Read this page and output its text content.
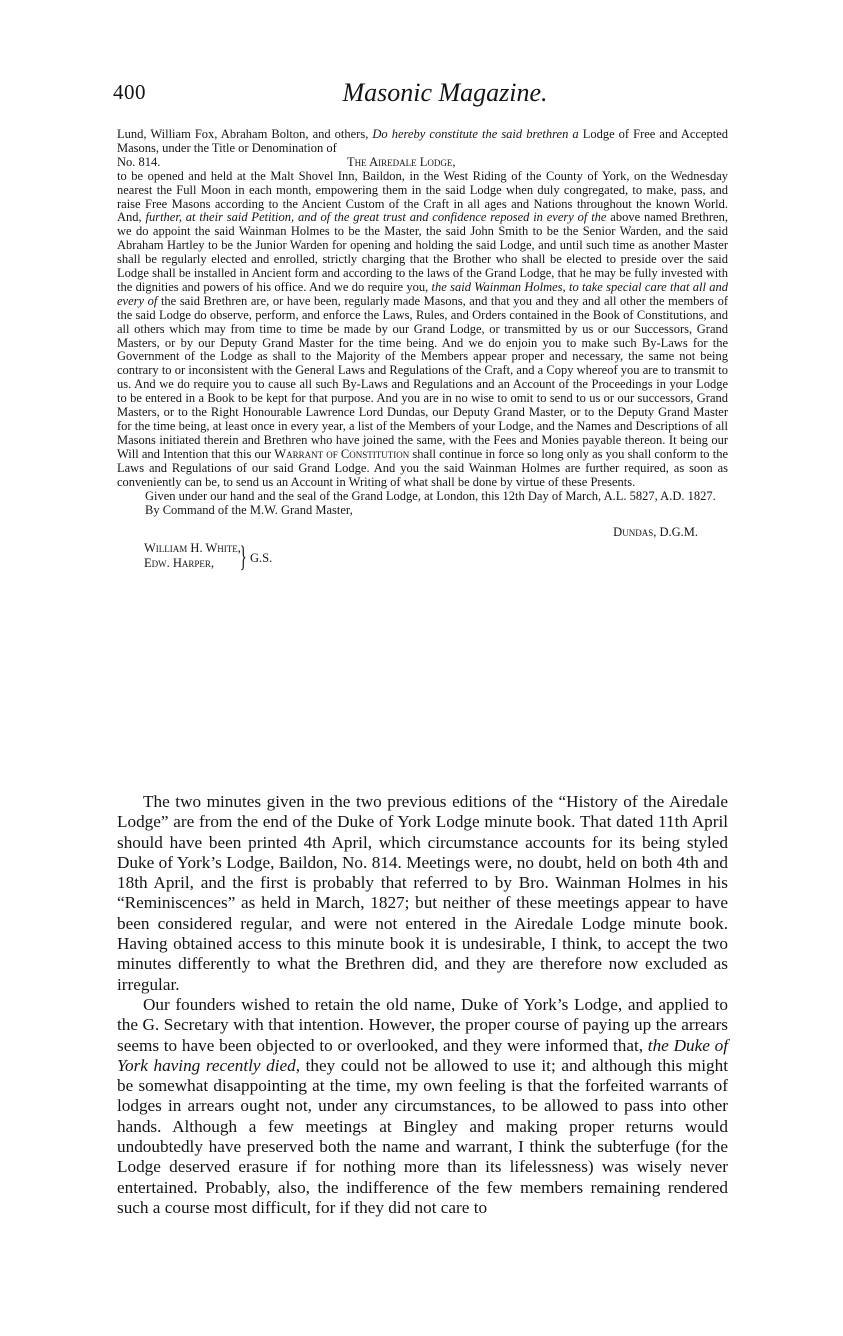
400	Masonic Magazine.

Lund, William Fox, Abraham Bolton, and others, Do hereby constitute the said brethren a Lodge of Free and Accepted Masons, under the Title or Denomination of

No. 814.	The Airedale Lodge,

to be opened and held at the Malt Shovel Inn, Baildon, in the West Riding of the County of York, on the Wednesday nearest the Full Moon in each month, empowering them in the said Lodge when duly congregated, to make, pass, and raise Free Masons according to the Ancient Custom of the Craft in all ages and Nations throughout the known World. And, further, at their said Petition, and of the great trust and confidence reposed in every of the above named Brethren, we do appoint the said Wainman Holmes to be the Master, the said John Smith to be the Senior Warden, and the said Abraham Hartley to be the Junior Warden for opening and holding the said Lodge, and until such time as another Master shall be regularly elected and enrolled, strictly charging that the Brother who shall be elected to preside over the said Lodge shall be installed in Ancient form and according to the laws of the Grand Lodge, that he may be fully invested with the dignities and powers of his office. And we do require you, the said Wainman Holmes, to take special care that all and every of the said Brethren are, or have been, regularly made Masons, and that you and they and all other the members of the said Lodge do observe, perform, and enforce the Laws, Rules, and Orders contained in the Book of Constitutions, and all others which may from time to time be made by our Grand Lodge, or transmitted by us or our Successors, Grand Masters, or by our Deputy Grand Master for the time being. And we do enjoin you to make such By-Laws for the Government of the Lodge as shall to the Majority of the Members appear proper and necessary, the same not being contrary to or inconsistent with the General Laws and Regulations of the Craft, and a Copy whereof you are to transmit to us. And we do require you to cause all such By-Laws and Regulations and an Account of the Proceedings in your Lodge to be entered in a Book to be kept for that purpose. And you are in no wise to omit to send to us or our successors, Grand Masters, or to the Right Honourable Lawrence Lord Dundas, our Deputy Grand Master, or to the Deputy Grand Master for the time being, at least once in every year, a list of the Members of your Lodge, and the Names and Descriptions of all Masons initiated therein and Brethren who have joined the same, with the Fees and Monies payable thereon. It being our Will and Intention that this our Warrant of Constitution shall continue in force so long only as you shall conform to the Laws and Regulations of our said Grand Lodge. And you the said Wainman Holmes are further required, as soon as conveniently can be, to send us an Account in Writing of what shall be done by virtue of these Presents.

Given under our hand and the seal of the Grand Lodge, at London, this 12th Day of March, A.L. 5827, A.D. 1827.

By Command of the M.W. Grand Master,

Dundas, D.G.M.

William H. White,
Edw. Harper, } G.S.

The two minutes given in the two previous editions of the “History of the Airedale Lodge” are from the end of the Duke of York Lodge minute book. That dated 11th April should have been printed 4th April, which circumstance accounts for its being styled Duke of York’s Lodge, Baildon, No. 814. Meetings were, no doubt, held on both 4th and 18th April, and the first is probably that referred to by Bro. Wainman Holmes in his “Reminiscences” as held in March, 1827; but neither of these meetings appear to have been considered regular, and were not entered in the Airedale Lodge minute book. Having obtained access to this minute book it is undesirable, I think, to accept the two minutes differently to what the Brethren did, and they are therefore now excluded as irregular.

Our founders wished to retain the old name, Duke of York’s Lodge, and applied to the G. Secretary with that intention. However, the proper course of paying up the arrears seems to have been objected to or overlooked, and they were informed that, the Duke of York having recently died, they could not be allowed to use it; and although this might be somewhat disappointing at the time, my own feeling is that the forfeited warrants of lodges in arrears ought not, under any circumstances, to be allowed to pass into other hands. Although a few meetings at Bingley and making proper returns would undoubtedly have preserved both the name and warrant, I think the subterfuge (for the Lodge deserved erasure if for nothing more than its lifelessness) was wisely never entertained. Probably, also, the indifference of the few members remaining rendered such a course most difficult, for if they did not care to
